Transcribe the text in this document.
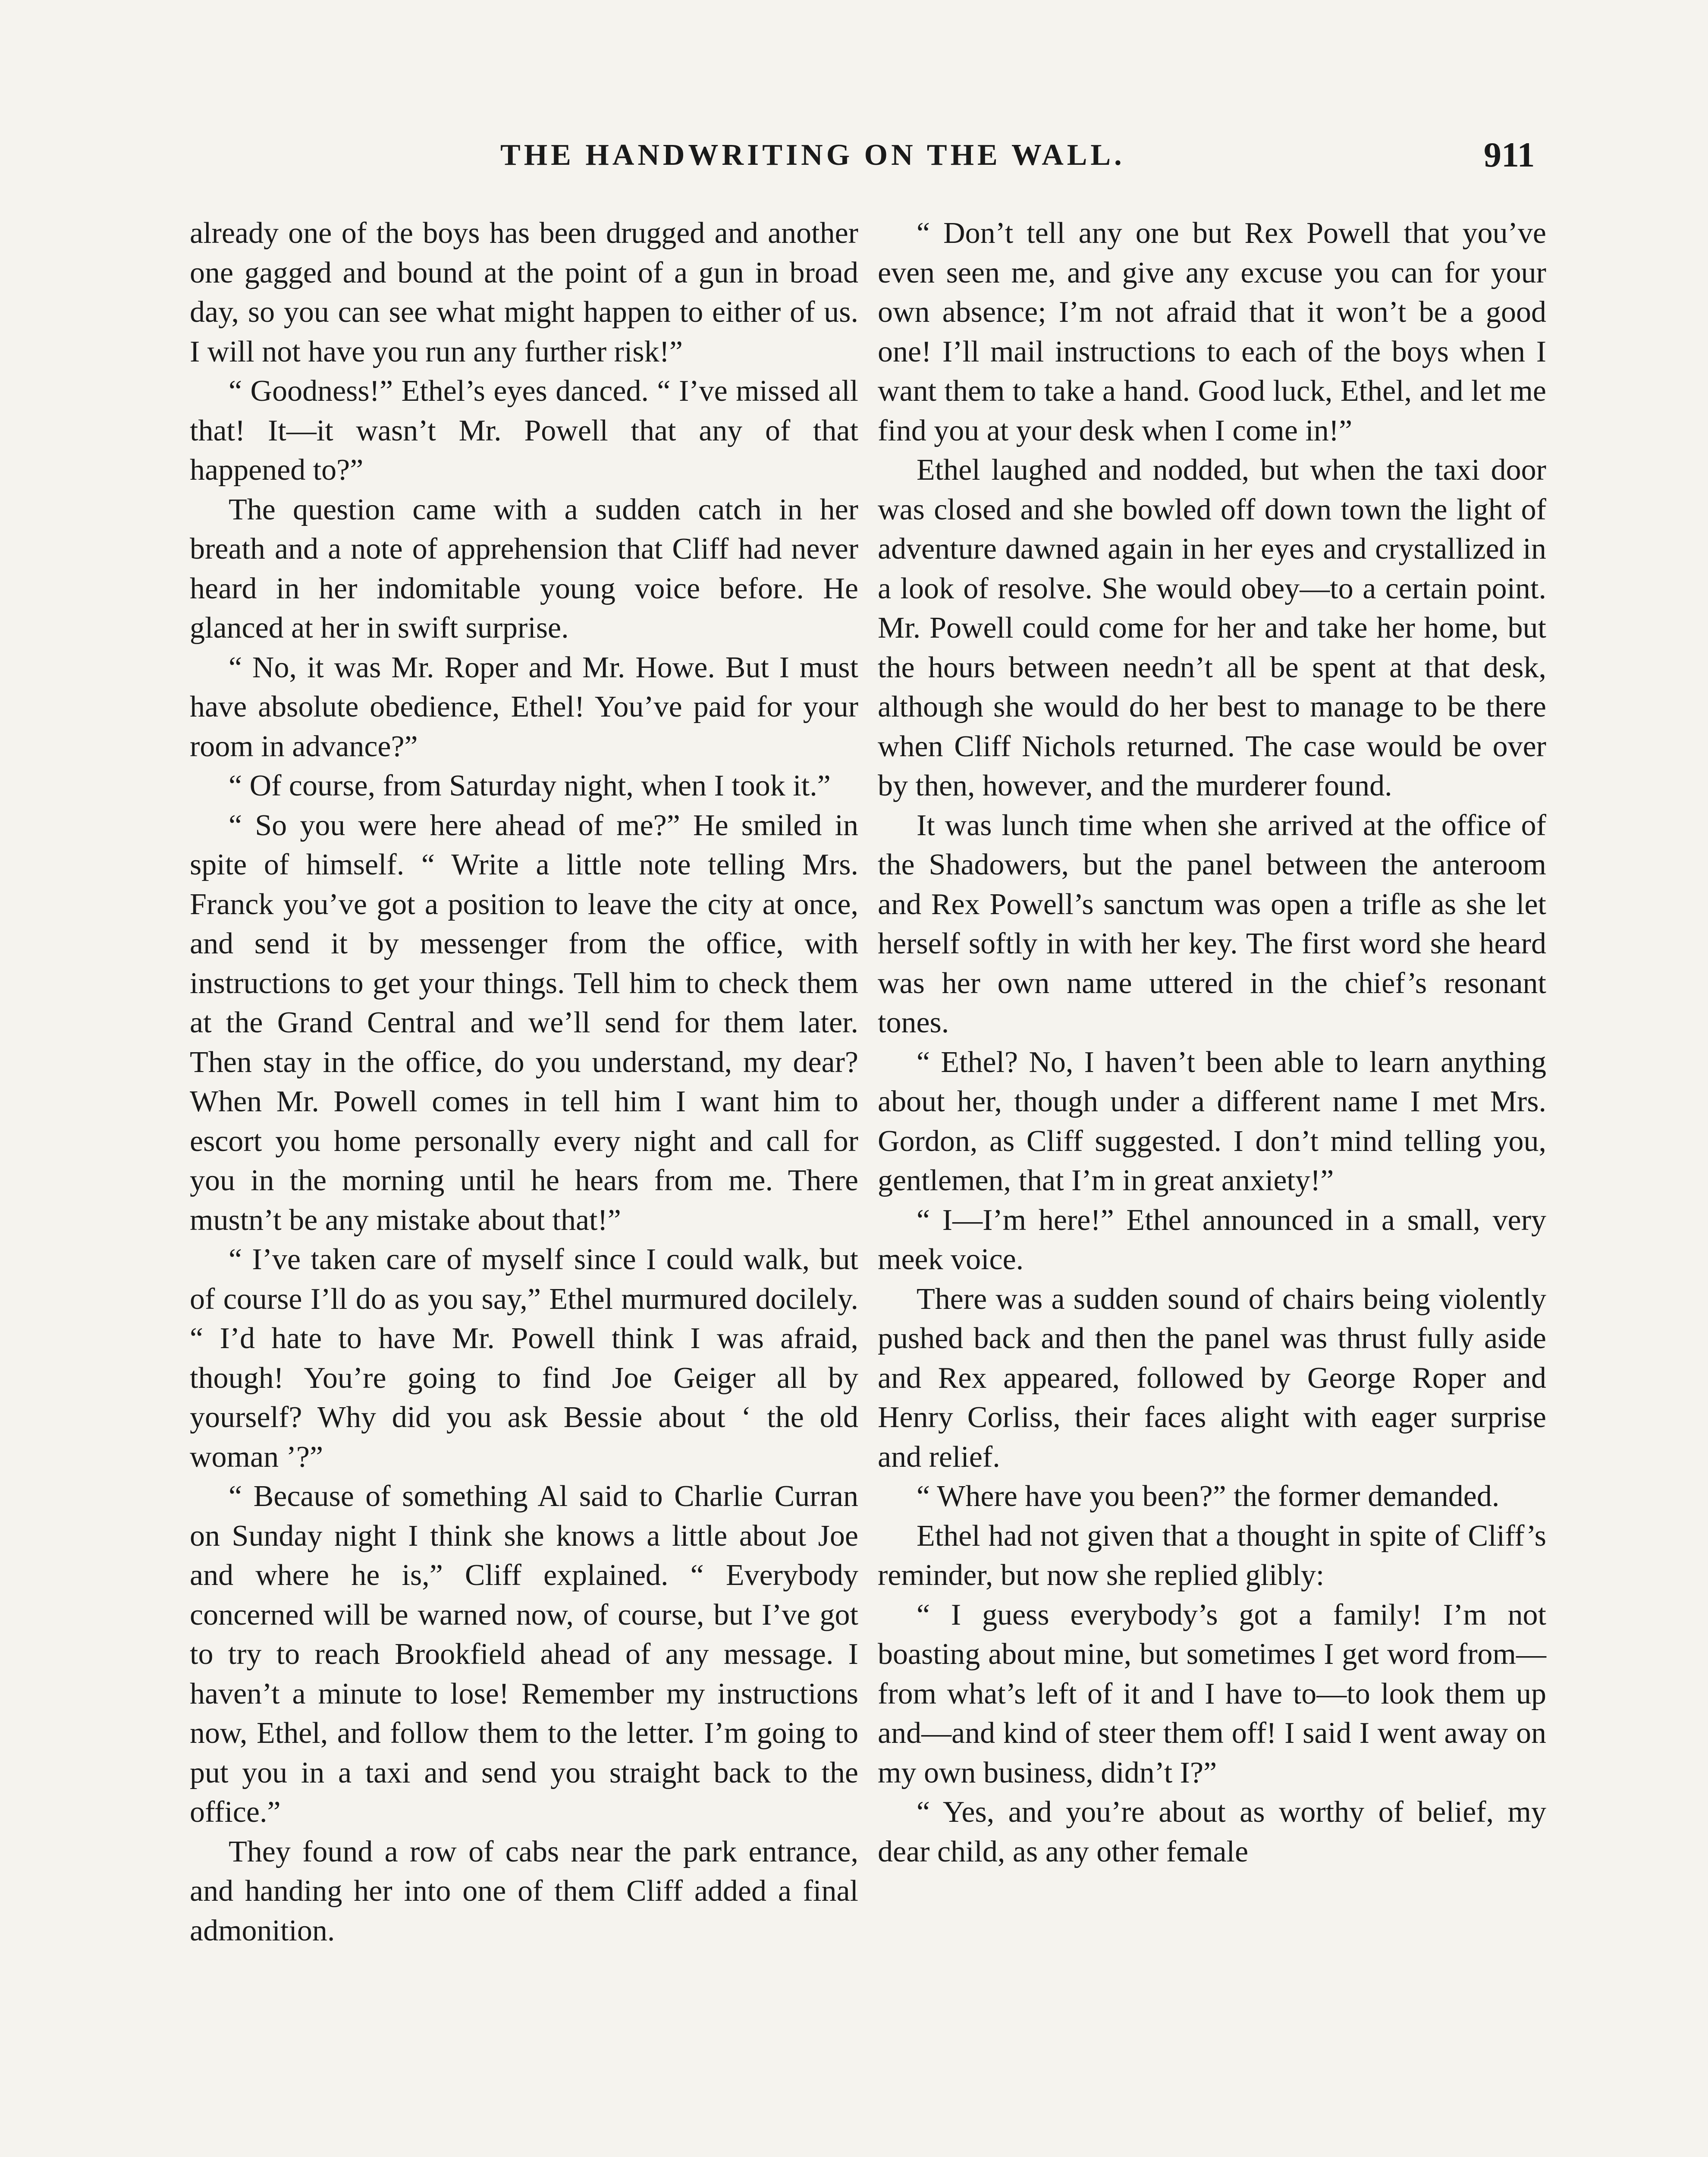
THE HANDWRITING ON THE WALL.	911

already one of the boys has been drugged and another one gagged and bound at the point of a gun in broad day, so you can see what might happen to either of us. I will not have you run any further risk!”

“ Goodness!” Ethel’s eyes danced. “ I’ve missed all that! It—it wasn’t Mr. Powell that any of that happened to?”

The question came with a sudden catch in her breath and a note of apprehension that Cliff had never heard in her indomitable young voice before. He glanced at her in swift surprise.

“ No, it was Mr. Roper and Mr. Howe. But I must have absolute obedience, Ethel! You’ve paid for your room in advance?”

“ Of course, from Saturday night, when I took it.”

“ So you were here ahead of me?” He smiled in spite of himself. “ Write a little note telling Mrs. Franck you’ve got a position to leave the city at once, and send it by messenger from the office, with instructions to get your things. Tell him to check them at the Grand Central and we’ll send for them later. Then stay in the office, do you understand, my dear? When Mr. Powell comes in tell him I want him to escort you home personally every night and call for you in the morning until he hears from me. There mustn’t be any mistake about that!”

“ I’ve taken care of myself since I could walk, but of course I’ll do as you say,” Ethel murmured docilely. “ I’d hate to have Mr. Powell think I was afraid, though! You’re going to find Joe Geiger all by yourself? Why did you ask Bessie about ‘ the old woman ’?”

“ Because of something Al said to Charlie Curran on Sunday night I think she knows a little about Joe and where he is,” Cliff explained. “ Everybody concerned will be warned now, of course, but I’ve got to try to reach Brookfield ahead of any message. I haven’t a minute to lose! Remember my instructions now, Ethel, and follow them to the letter. I’m going to put you in a taxi and send you straight back to the office.”

They found a row of cabs near the park entrance, and handing her into one of them Cliff added a final admonition.

“ Don’t tell any one but Rex Powell that you’ve even seen me, and give any excuse you can for your own absence; I’m not afraid that it won’t be a good one! I’ll mail instructions to each of the boys when I want them to take a hand. Good luck, Ethel, and let me find you at your desk when I come in!”

Ethel laughed and nodded, but when the taxi door was closed and she bowled off down town the light of adventure dawned again in her eyes and crystallized in a look of resolve. She would obey—to a certain point. Mr. Powell could come for her and take her home, but the hours between needn’t all be spent at that desk, although she would do her best to manage to be there when Cliff Nichols returned. The case would be over by then, however, and the murderer found.

It was lunch time when she arrived at the office of the Shadowers, but the panel between the anteroom and Rex Powell’s sanctum was open a trifle as she let herself softly in with her key. The first word she heard was her own name uttered in the chief’s resonant tones.

“ Ethel? No, I haven’t been able to learn anything about her, though under a different name I met Mrs. Gordon, as Cliff suggested. I don’t mind telling you, gentlemen, that I’m in great anxiety!”

“ I—I’m here!” Ethel announced in a small, very meek voice.

There was a sudden sound of chairs being violently pushed back and then the panel was thrust fully aside and Rex appeared, followed by George Roper and Henry Corliss, their faces alight with eager surprise and relief.

“ Where have you been?” the former demanded.

Ethel had not given that a thought in spite of Cliff’s reminder, but now she replied glibly:

“ I guess everybody’s got a family! I’m not boasting about mine, but sometimes I get word from—from what’s left of it and I have to—to look them up and—and kind of steer them off! I said I went away on my own business, didn’t I?”

“ Yes, and you’re about as worthy of belief, my dear child, as any other female
